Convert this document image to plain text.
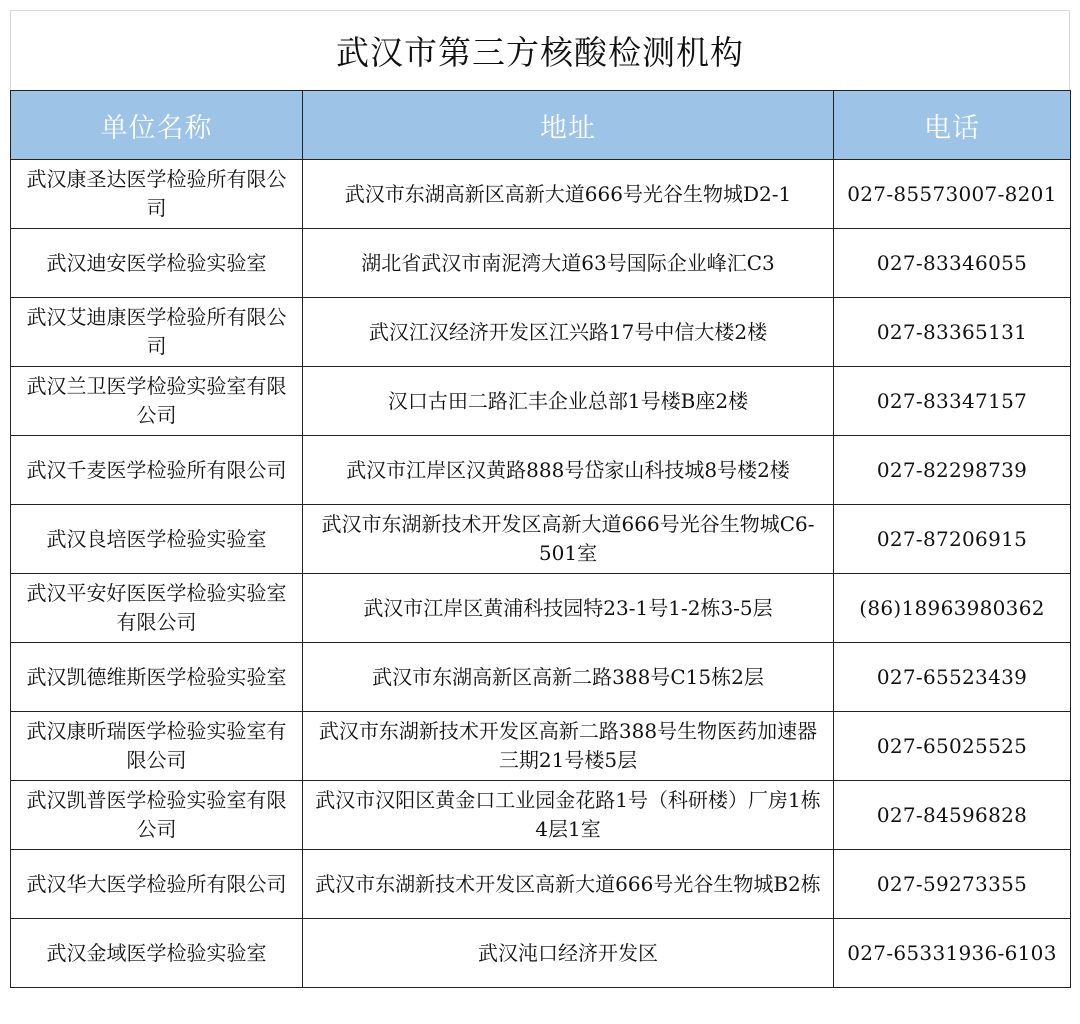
武汉市第三方核酸检测机构
单位名称	地址	电话
武汉康圣达医学检验所有限公司	武汉市东湖高新区高新大道666号光谷生物城D2-1	027-85573007-8201
武汉迪安医学检验实验室	湖北省武汉市南泥湾大道63号国际企业峰汇C3	027-83346055
武汉艾迪康医学检验所有限公司	武汉江汉经济开发区江兴路17号中信大楼2楼	027-83365131
武汉兰卫医学检验实验室有限公司	汉口古田二路汇丰企业总部1号楼B座2楼	027-83347157
武汉千麦医学检验所有限公司	武汉市江岸区汉黄路888号岱家山科技城8号楼2楼	027-82298739
武汉良培医学检验实验室	武汉市东湖新技术开发区高新大道666号光谷生物城C6-501室	027-87206915
武汉平安好医医学检验实验室有限公司	武汉市江岸区黄浦科技园特23-1号1-2栋3-5层	(86)18963980362
武汉凯德维斯医学检验实验室	武汉市东湖高新区高新二路388号C15栋2层	027-65523439
武汉康昕瑞医学检验实验室有限公司	武汉市东湖新技术开发区高新二路388号生物医药加速器三期21号楼5层	027-65025525
武汉凯普医学检验实验室有限公司	武汉市汉阳区黄金口工业园金花路1号（科研楼）厂房1栋4层1室	027-84596828
武汉华大医学检验所有限公司	武汉市东湖新技术开发区高新大道666号光谷生物城B2栋	027-59273355
武汉金域医学检验实验室	武汉沌口经济开发区	027-65331936-6103
